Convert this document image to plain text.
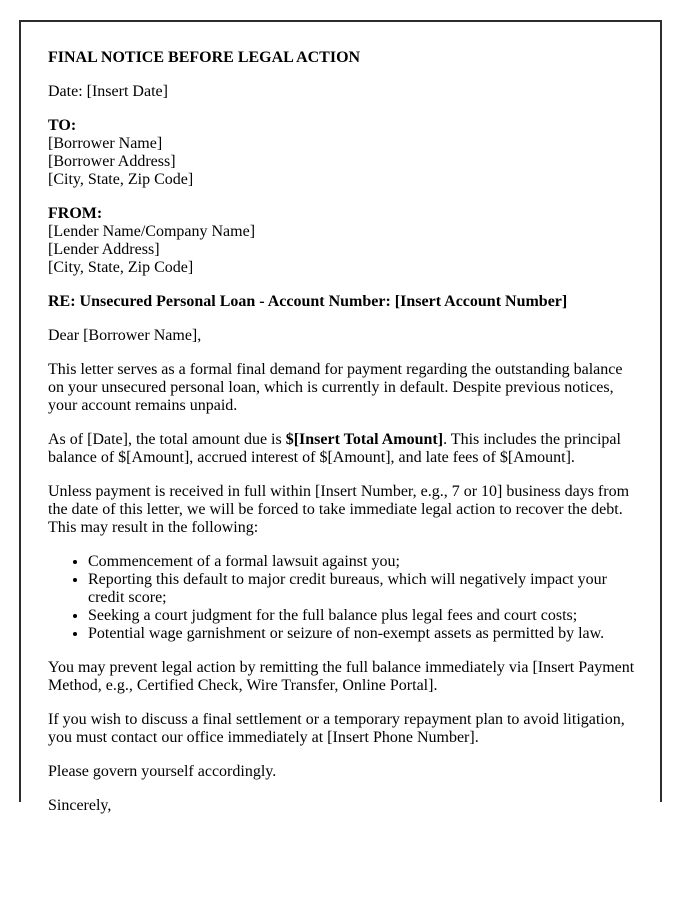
FINAL NOTICE BEFORE LEGAL ACTION

Date: [Insert Date]

TO:
[Borrower Name]
[Borrower Address]
[City, State, Zip Code]

FROM:
[Lender Name/Company Name]
[Lender Address]
[City, State, Zip Code]

RE: Unsecured Personal Loan - Account Number: [Insert Account Number]

Dear [Borrower Name],

This letter serves as a formal final demand for payment regarding the outstanding balance on your unsecured personal loan, which is currently in default. Despite previous notices, your account remains unpaid.

As of [Date], the total amount due is $[Insert Total Amount]. This includes the principal balance of $[Amount], accrued interest of $[Amount], and late fees of $[Amount].

Unless payment is received in full within [Insert Number, e.g., 7 or 10] business days from the date of this letter, we will be forced to take immediate legal action to recover the debt. This may result in the following:

• Commencement of a formal lawsuit against you;
• Reporting this default to major credit bureaus, which will negatively impact your credit score;
• Seeking a court judgment for the full balance plus legal fees and court costs;
• Potential wage garnishment or seizure of non-exempt assets as permitted by law.

You may prevent legal action by remitting the full balance immediately via [Insert Payment Method, e.g., Certified Check, Wire Transfer, Online Portal].

If you wish to discuss a final settlement or a temporary repayment plan to avoid litigation, you must contact our office immediately at [Insert Phone Number].

Please govern yourself accordingly.

Sincerely,
